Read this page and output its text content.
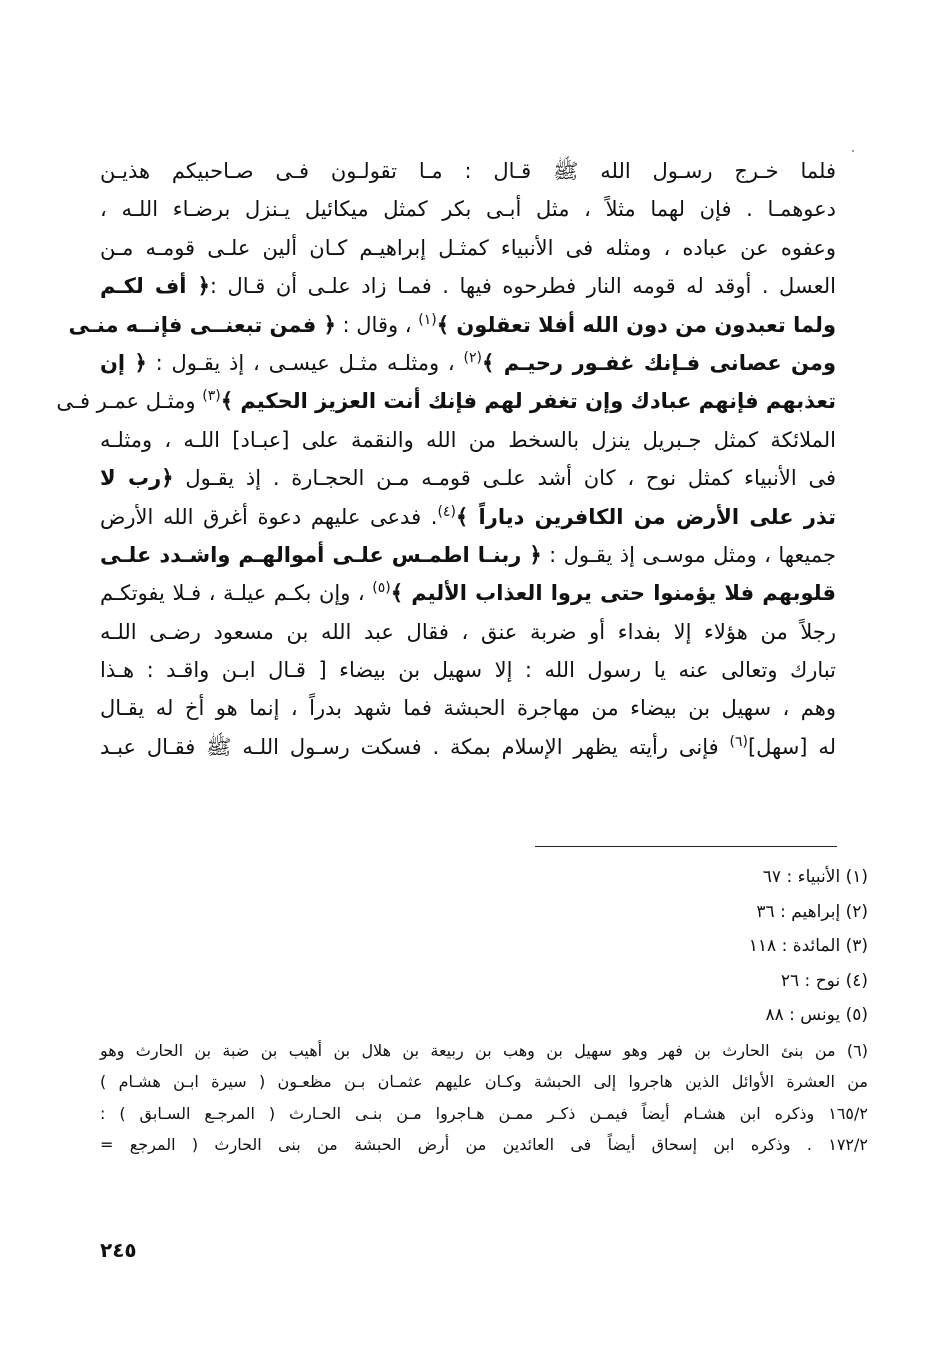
فلما خـرج رسـول الله ﷺ قـال : مـا تقولـون فـى صـاحبيكم هذيـن
دعوهمـا . فإن لهما مثلاً ، مثل أبـى بكر كمثل ميكائيل يـنزل برضـاء اللـه ،
وعفوه عن عباده ، ومثله فى الأنبياء كمثـل إبراهيـم كـان ألين علـى قومـه مـن
العسل . أوقد له قومه النار فطرحوه فيها . فمـا زاد علـى أن قـال :﴿ أف لكـم
ولما تعبدون من دون الله أفلا تعقلون ﴾$^{(١)}$ ، وقال : ﴿ فمن تبعنــى فإنــه منـى
ومن عصانى فـإنك غفـور رحيـم ﴾$^{(٢)}$ ، ومثلـه مثـل عيسـى ، إذ يقـول : ﴿ إن
تعذبهم فإنهم عبادك وإن تغفر لهم فإنك أنت العزيز الحكيم ﴾$^{(٣)}$ ومثـل عمـر فـى
الملائكة كمثل جـبريل ينزل بالسخط من الله والنقمة على [عبـاد] اللـه ، ومثلـه
فى الأنبياء كمثل نوح ، كان أشد علـى قومـه مـن الحجـارة . إذ يقـول ﴿رب لا
تذر على الأرض من الكافرين دياراً ﴾$^{(٤)}$. فدعى عليهم دعوة أغرق الله الأرض
جميعها ، ومثل موسـى إذ يقـول : ﴿ ربنـا اطمـس علـى أموالهـم واشـدد علـى
قلوبهم فلا يؤمنوا حتى يروا العذاب الأليم ﴾$^{(٥)}$ ، وإن بكـم عيلـة ، فـلا يفوتكـم
رجلاً من هؤلاء إلا بفداء أو ضربة عنق ، فقال عبد الله بن مسعود رضـى اللـه
تبارك وتعالى عنه يا رسول الله : إلا سهيل بن بيضاء [ قـال ابـن واقـد : هـذا
وهم ، سهيل بن بيضاء من مهاجرة الحبشة فما شهد بدراً ، إنما هو أخ له يقـال
له [سهل]$^{(٦)}$ فإنى رأيته يظهر الإسلام بمكة . فسكت رسـول اللـه ﷺ فقـال عبـد
(١) الأنبياء : ٦٧
(٢) إبراهيم : ٣٦
(٣) المائدة : ١١٨
(٤) نوح : ٢٦
(٥) يونس : ٨٨
(٦) من بنئ الحارث بن فهر وهو سهيل بن وهب بن ربيعة بن هلال بن أهيب بن ضبة بن الحارث وهو
من العشرة الأوائل الذين هاجروا إلى الحبشة وكـان عليهم عثمـان بـن مظعـون ( سيرة ابـن هشـام )
١٦٥/٢ وذكره ابن هشـام أيضاً فيمـن ذكـر ممـن هـاجروا مـن بنـى الحـارث ( المرجـع السـابق ) :
١٧٢/٢ . وذكره ابن إسحاق أيضاً فى العائدين من أرض الحبشة من بنى الحارث ( المرجع =
٢٤٥
